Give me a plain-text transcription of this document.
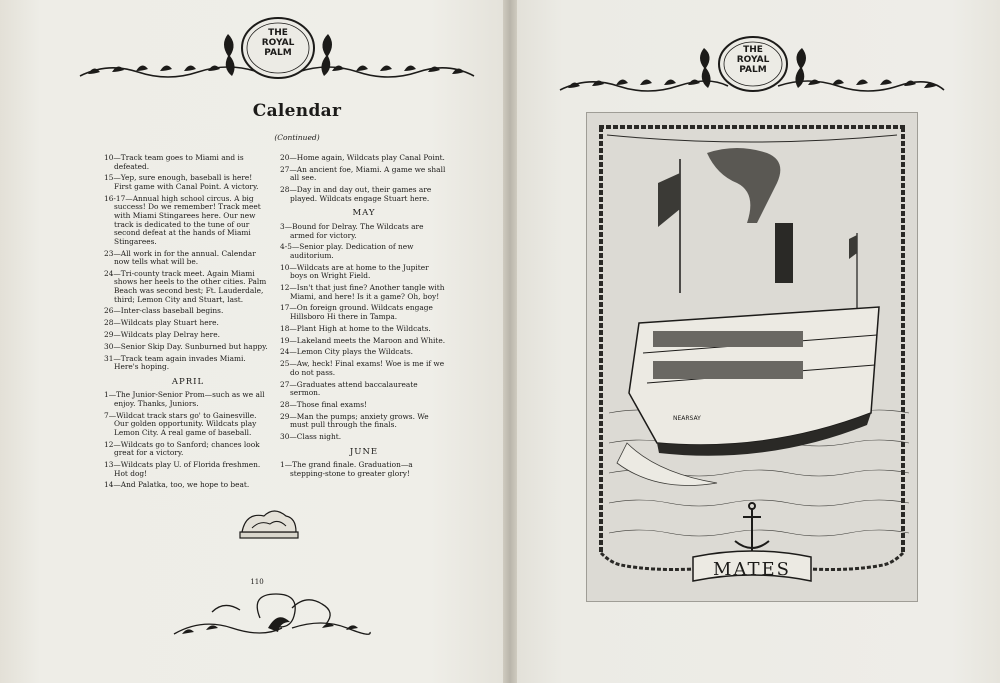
THE
ROYAL
PALM	THE
ROYAL
PALM
Calendar
(Continued)
10—Track team goes to Miami and is defeated.
15—Yep, sure enough, baseball is here! First game with Canal Point. A victory.
16-17—Annual high school circus. A big success! Do we remember! Track meet with Miami Stingarees here. Our new track is dedicated to the tune of our second defeat at the hands of Miami Stingarees.
23—All work in for the annual. Calendar now tells what will be.
24—Tri-county track meet. Again Miami shows her heels to the other cities. Palm Beach was second best; Ft. Lauderdale, third; Lemon City and Stuart, last.
26—Inter-class baseball begins.
28—Wildcats play Stuart here.
29—Wildcats play Delray here.
30—Senior Skip Day. Sunburned but happy.
31—Track team again invades Miami. Here's hoping.
APRIL
1—The Junior-Senior Prom—such as we all enjoy. Thanks, Juniors.
7—Wildcat track stars go' to Gainesville. Our golden opportunity. Wildcats play Lemon City. A real game of baseball.
12—Wildcats go to Sanford; chances look great for a victory.
13—Wildcats play U. of Florida freshmen. Hot dog!
14—And Palatka, too, we hope to beat.
20—Home again, Wildcats play Canal Point.
27—An ancient foe, Miami. A game we shall all see.
28—Day in and day out, their games are played. Wildcats engage Stuart here.
MAY
3—Bound for Delray. The Wildcats are armed for victory.
4-5—Senior play. Dedication of new auditorium.
10—Wildcats are at home to the Jupiter boys on Wright Field.
12—Isn't that just fine? Another tangle with Miami, and here! Is it a game? Oh, boy!
17—On foreign ground. Wildcats engage Hillsboro Hi there in Tampa.
18—Plant High at home to the Wildcats.
19—Lakeland meets the Maroon and White.
24—Lemon City plays the Wildcats.
25—Aw, heck! Final exams! Woe is me if we do not pass.
27—Graduates attend baccalaureate sermon.
28—Those final exams!
29—Man the pumps; anxiety grows. We must pull through the finals.
30—Class night.
JUNE
1—The grand finale. Graduation—a stepping-stone to greater glory!
110
MATES
NEARSAY
